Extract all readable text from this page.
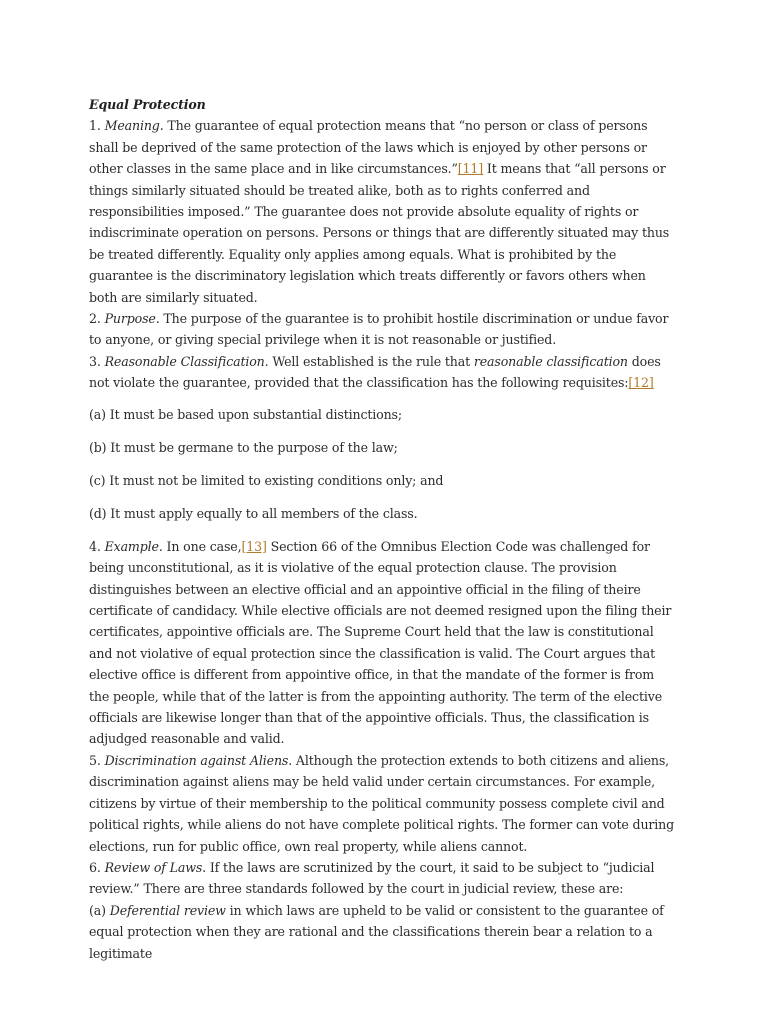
Equal Protection

1. Meaning. The guarantee of equal protection means that “no person or class of persons shall be deprived of the same protection of the laws which is enjoyed by other persons or other classes in the same place and in like circumstances.”[11] It means that “all persons or things similarly situated should be treated alike, both as to rights conferred and responsibilities imposed.” The guarantee does not provide absolute equality of rights or indiscriminate operation on persons. Persons or things that are differently situated may thus be treated differently. Equality only applies among equals. What is prohibited by the guarantee is the discriminatory legislation which treats differently or favors others when both are similarly situated.

2. Purpose. The purpose of the guarantee is to prohibit hostile discrimination or undue favor to anyone, or giving special privilege when it is not reasonable or justified.

3. Reasonable Classification. Well established is the rule that reasonable classification does not violate the guarantee, provided that the classification has the following requisites:[12]

(a) It must be based upon substantial distinctions;

(b) It must be germane to the purpose of the law;

(c) It must not be limited to existing conditions only; and

(d) It must apply equally to all members of the class.

4. Example. In one case,[13] Section 66 of the Omnibus Election Code was challenged for being unconstitutional, as it is violative of the equal protection clause. The provision distinguishes between an elective official and an appointive official in the filing of theire certificate of candidacy. While elective officials are not deemed resigned upon the filing their certificates, appointive officials are. The Supreme Court held that the law is constitutional and not violative of equal protection since the classification is valid. The Court argues that elective office is different from appointive office, in that the mandate of the former is from the people, while that of the latter is from the appointing authority. The term of the elective officials are likewise longer than that of the appointive officials. Thus, the classification is adjudged reasonable and valid.

5. Discrimination against Aliens. Although the protection extends to both citizens and aliens, discrimination against aliens may be held valid under certain circumstances. For example, citizens by virtue of their membership to the political community possess complete civil and political rights, while aliens do not have complete political rights. The former can vote during elections, run for public office, own real property, while aliens cannot.

6. Review of Laws. If the laws are scrutinized by the court, it said to be subject to “judicial review.” There are three standards followed by the court in judicial review, these are:

(a) Deferential review in which laws are upheld to be valid or consistent to the guarantee of equal protection when they are rational and the classifications therein bear a relation to a legitimate
